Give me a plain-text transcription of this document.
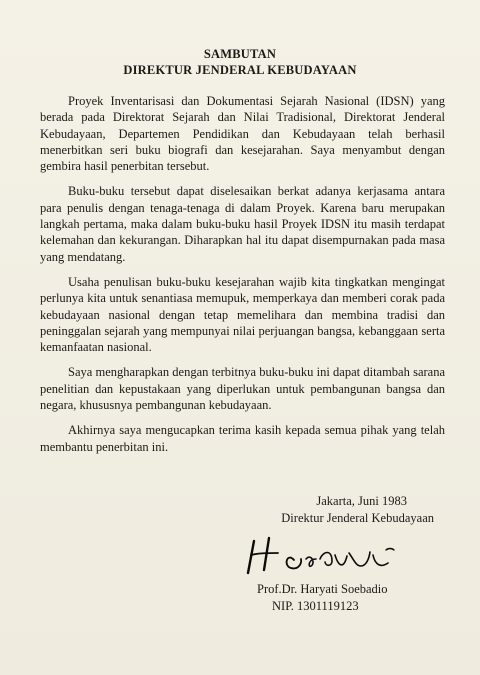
SAMBUTAN
DIREKTUR JENDERAL KEBUDAYAAN

Proyek Inventarisasi dan Dokumentasi Sejarah Nasional (IDSN) yang berada pada Direktorat Sejarah dan Nilai Tradisional, Direktorat Jenderal Kebudayaan, Departemen Pendidikan dan Kebudayaan telah berhasil menerbitkan seri buku biografi dan kesejarahan. Saya menyambut dengan gembira hasil penerbitan tersebut.

Buku-buku tersebut dapat diselesaikan berkat adanya kerjasama antara para penulis dengan tenaga-tenaga di dalam Proyek. Karena baru merupakan langkah pertama, maka dalam buku-buku hasil Proyek IDSN itu masih terdapat kelemahan dan kekurangan. Diharapkan hal itu dapat disempurnakan pada masa yang mendatang.

Usaha penulisan buku-buku kesejarahan wajib kita tingkatkan mengingat perlunya kita untuk senantiasa memupuk, memperkaya dan memberi corak pada kebudayaan nasional dengan tetap memelihara dan membina tradisi dan peninggalan sejarah yang mempunyai nilai perjuangan bangsa, kebanggaan serta kemanfaatan nasional.

Saya mengharapkan dengan terbitnya buku-buku ini dapat ditambah sarana penelitian dan kepustakaan yang diperlukan untuk pembangunan bangsa dan negara, khususnya pembangunan kebudayaan.

Akhirnya saya mengucapkan terima kasih kepada semua pihak yang telah membantu penerbitan ini.

Jakarta, Juni 1983
Direktur Jenderal Kebudayaan
Prof.Dr. Haryati Soebadio
NIP. 1301119123
